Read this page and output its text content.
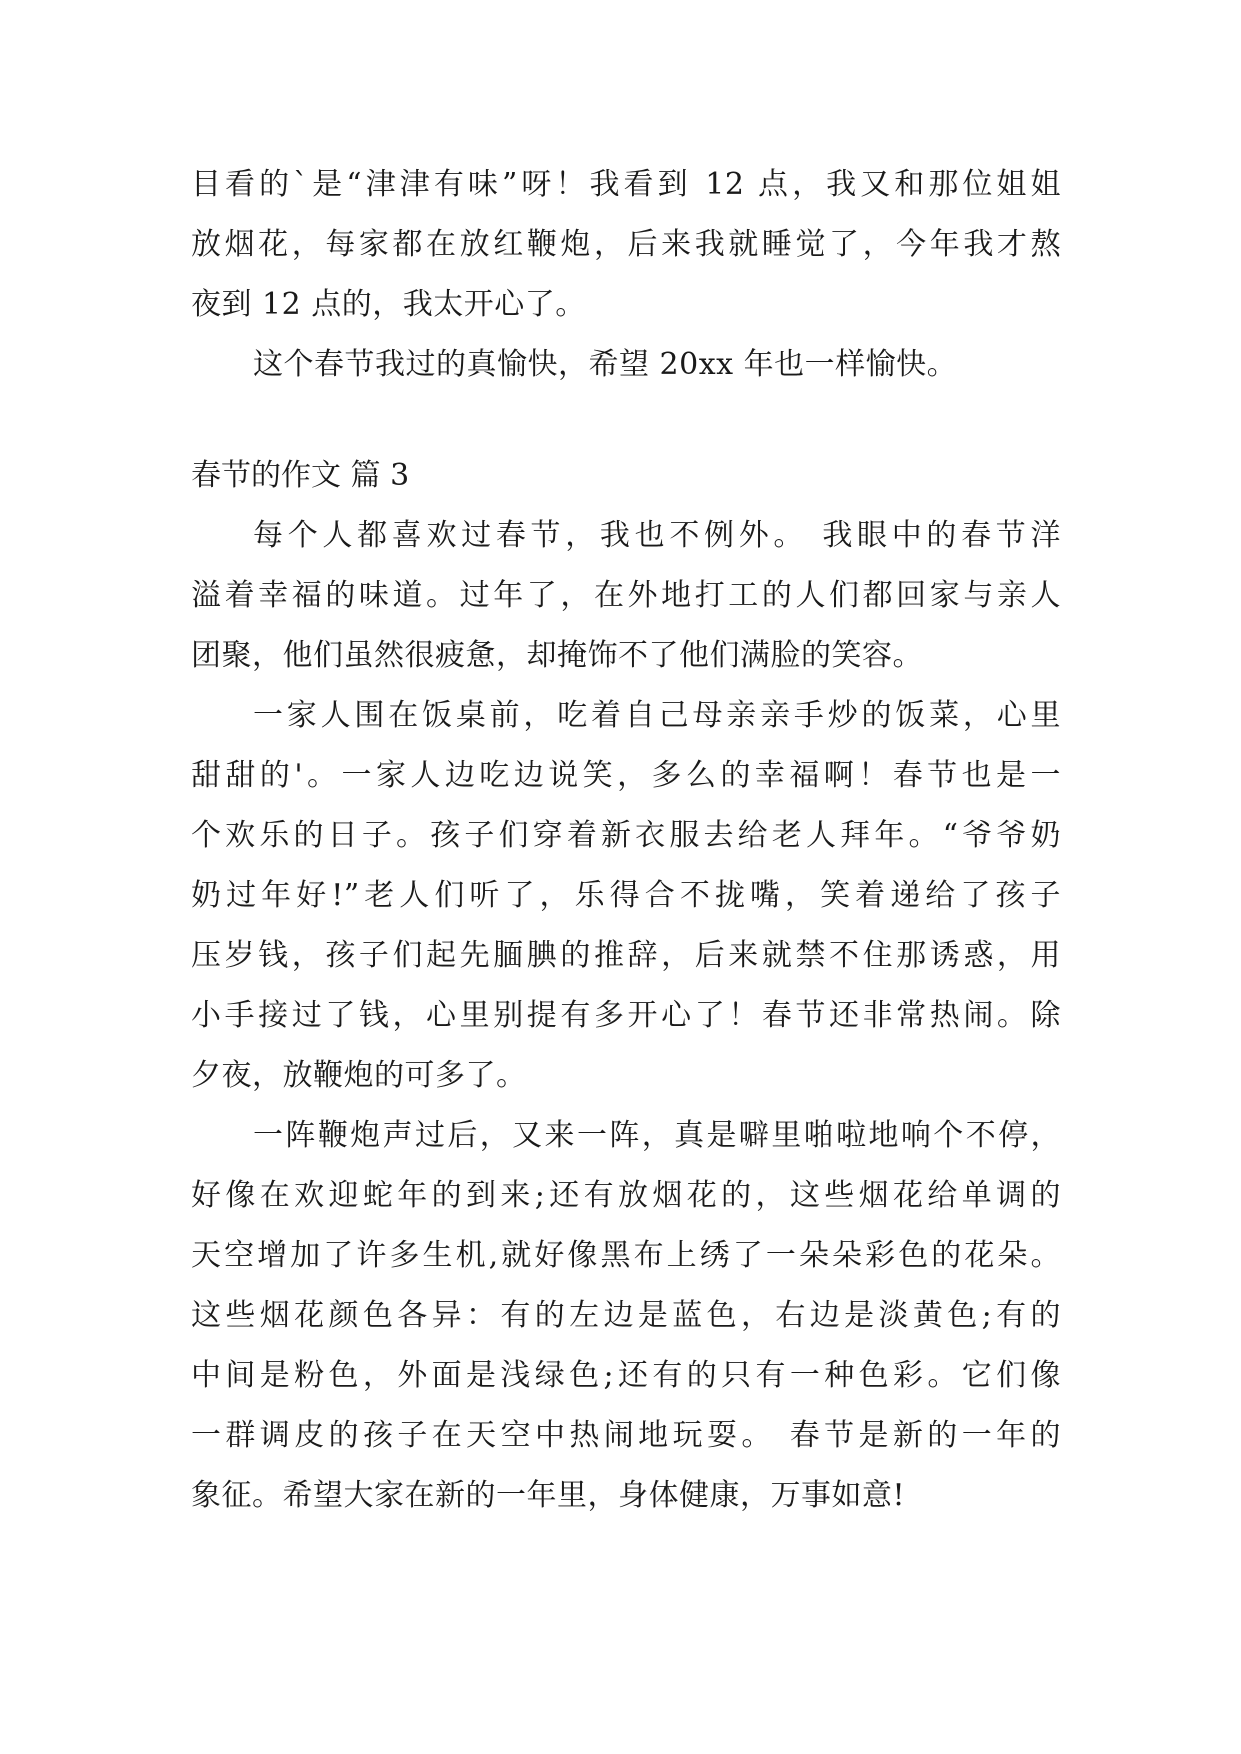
目看的`是“津津有味”呀！我看到 12 点，我又和那位姐姐
放烟花，每家都在放红鞭炮，后来我就睡觉了，今年我才熬
夜到 12 点的，我太开心了。
这个春节我过的真愉快，希望 20xx 年也一样愉快。
春节的作文 篇 3
每个人都喜欢过春节，我也不例外。 我眼中的春节洋
溢着幸福的味道。过年了，在外地打工的人们都回家与亲人
团聚，他们虽然很疲惫，却掩饰不了他们满脸的笑容。
一家人围在饭桌前，吃着自己母亲亲手炒的饭菜，心里
甜甜的'。一家人边吃边说笑，多么的幸福啊！春节也是一
个欢乐的日子。孩子们穿着新衣服去给老人拜年。“爷爷奶
奶过年好!”老人们听了，乐得合不拢嘴，笑着递给了孩子
压岁钱，孩子们起先腼腆的推辞，后来就禁不住那诱惑，用
小手接过了钱，心里别提有多开心了！春节还非常热闹。除
夕夜，放鞭炮的可多了。
一阵鞭炮声过后，又来一阵，真是噼里啪啦地响个不停，
好像在欢迎蛇年的到来;还有放烟花的，这些烟花给单调的
天空增加了许多生机,就好像黑布上绣了一朵朵彩色的花朵。
这些烟花颜色各异：有的左边是蓝色，右边是淡黄色;有的
中间是粉色，外面是浅绿色;还有的只有一种色彩。它们像
一群调皮的孩子在天空中热闹地玩耍。 春节是新的一年的
象征。希望大家在新的一年里，身体健康，万事如意!
